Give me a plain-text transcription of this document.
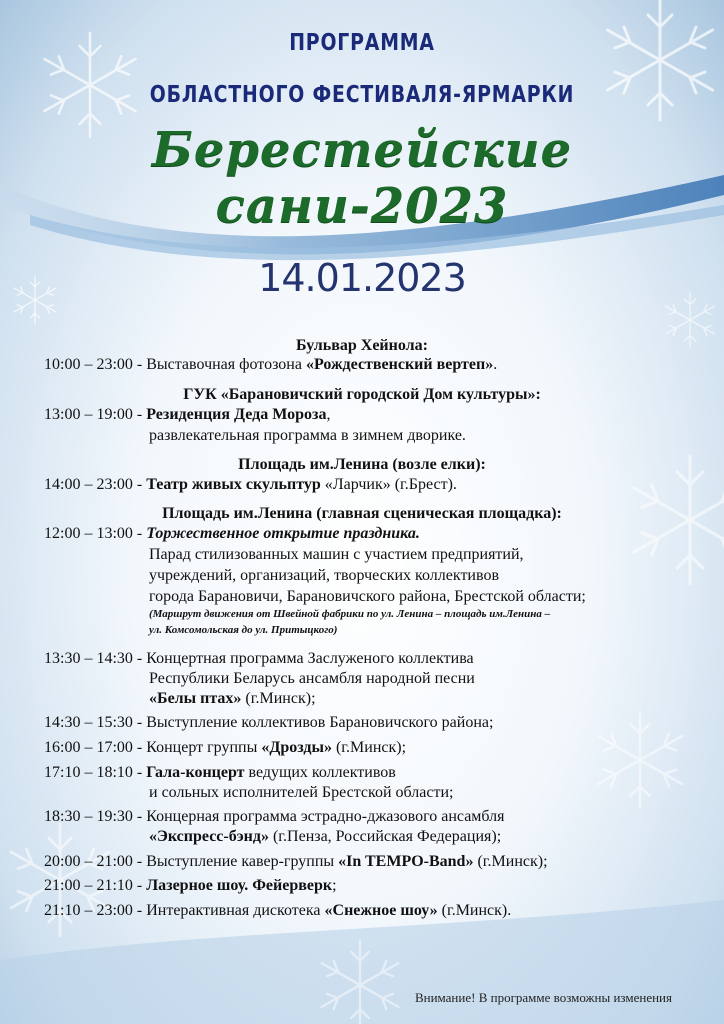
ПРОГРАММА
ОБЛАСТНОГО ФЕСТИВАЛЯ-ЯРМАРКИ
Берестейские сани-2023
14.01.2023
Бульвар Хейнола:
10:00 – 23:00 - Выставочная фотозона «Рождественский вертеп».
ГУК «Барановичский городской Дом культуры»:
13:00 – 19:00 - Резиденция Деда Мороза,
развлекательная программа в зимнем дворике.
Площадь им.Ленина (возле елки):
14:00 – 23:00 - Театр живых скульптур «Ларчик» (г.Брест).
Площадь им.Ленина (главная сценическая площадка):
12:00 – 13:00 - Торжественное открытие праздника.
Парад стилизованных машин с участием предприятий,
учреждений, организаций, творческих коллективов
города Барановичи, Барановичского района, Брестской области;
(Маршрут движения от Швейной фабрики по ул. Ленина – площадь им.Ленина –
ул. Комсомольская до ул. Притыцкого)
13:30 – 14:30 - Концертная программа Заслуженого коллектива
Республики Беларусь ансамбля народной песни
«Белы птах» (г.Минск);
14:30 – 15:30 - Выступление коллективов Барановичского района;
16:00 – 17:00 - Концерт группы «Дрозды» (г.Минск);
17:10 – 18:10 - Гала-концерт ведущих коллективов
и сольных исполнителей Брестской области;
18:30 – 19:30 - Концерная программа эстрадно-джазового ансамбля
«Экспресс-бэнд» (г.Пенза, Российская Федерация);
20:00 – 21:00 - Выступление кавер-группы «In TEMPO-Band» (г.Минск);
21:00 – 21:10 - Лазерное шоу. Фейерверк;
21:10 – 23:00 - Интерактивная дискотека «Снежное шоу» (г.Минск).
Внимание! В программе возможны изменения
